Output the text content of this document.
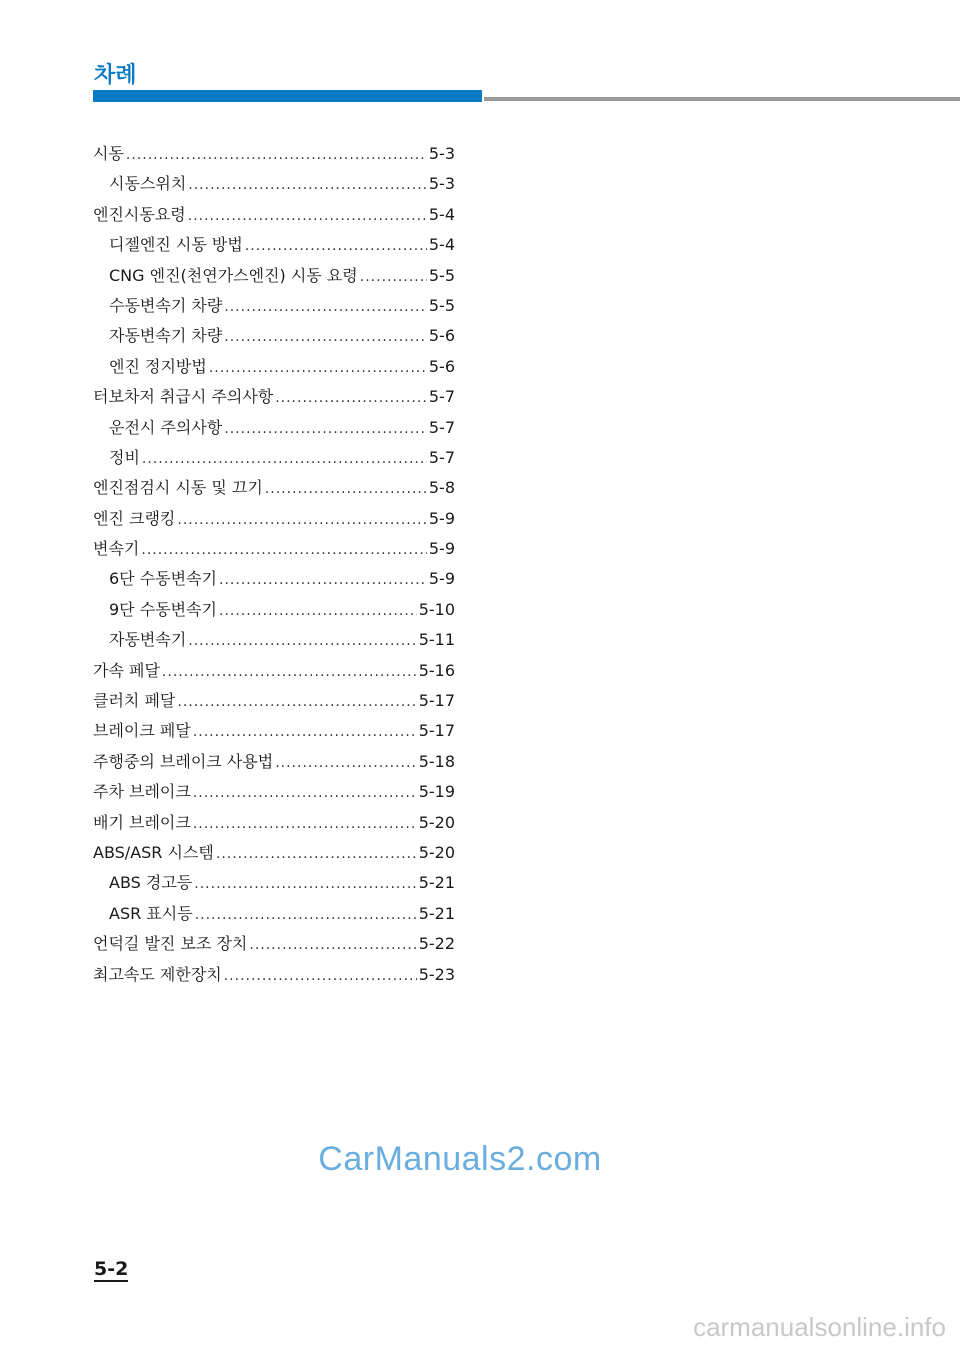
차례
시동 .....	5-3
시동스위치 .....	5-3
엔진시동요령 .....	5-4
디젤엔진 시동 방법 .....	5-4
CNG 엔진(천연가스엔진) 시동 요령 .....	5-5
수동변속기 차량 .....	5-5
자동변속기 차량 .....	5-6
엔진 정지방법 .....	5-6
터보차저 취급시 주의사항 .....	5-7
운전시 주의사항 .....	5-7
정비 .....	5-7
엔진점검시 시동 및 끄기 .....	5-8
엔진 크랭킹 .....	5-9
변속기 .....	5-9
6단 수동변속기 .....	5-9
9단 수동변속기 .....	5-10
자동변속기 .....	5-11
가속 페달 .....	5-16
클러치 페달 .....	5-17
브레이크 페달 .....	5-17
주행중의 브레이크 사용법 .....	5-18
주차 브레이크 .....	5-19
배기 브레이크 .....	5-20
ABS/ASR 시스템 .....	5-20
ABS 경고등 .....	5-21
ASR 표시등 .....	5-21
언덕길 발진 보조 장치 .....	5-22
최고속도 제한장치 .....	5-23
CarManuals2.com
5-2
carmanualsonline.info
